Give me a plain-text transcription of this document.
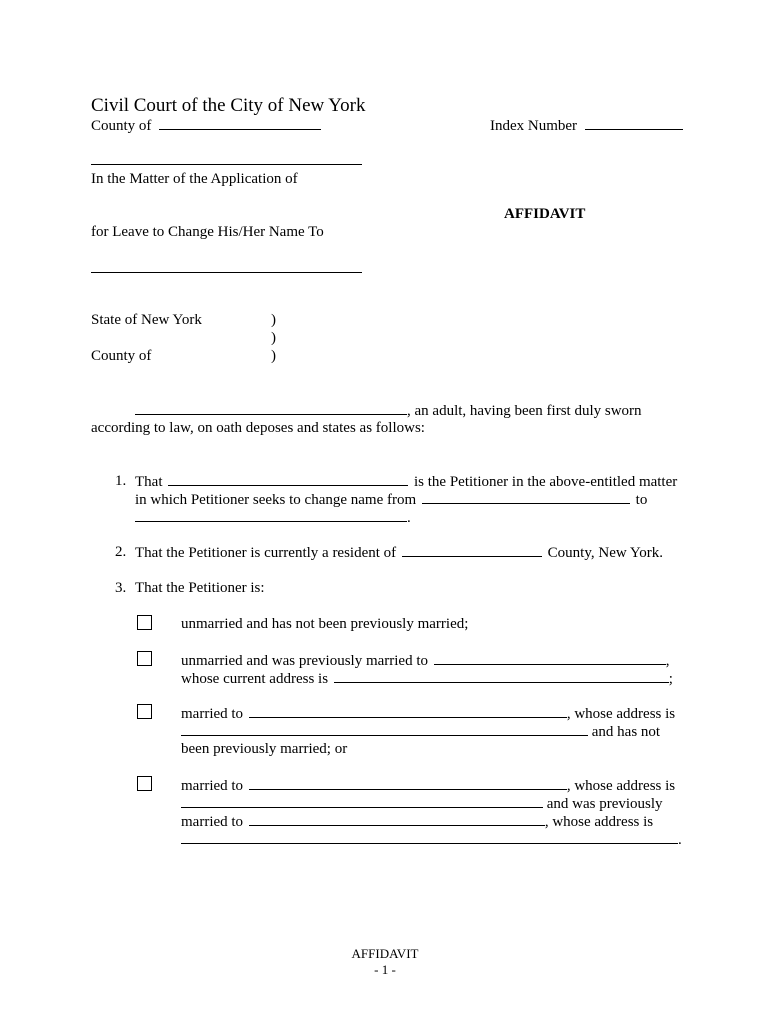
Civil Court of the City of New York
County of	Index Number
In the Matter of the Application of
AFFIDAVIT
for Leave to Change His/Her Name To
State of New York	)
)
County of	)
, an adult, having been first duly sworn
according to law, on oath deposes and states as follows:
1. That	is the Petitioner in the above-entitled matter
in which Petitioner seeks to change name from	to
.
2. That the Petitioner is currently a resident of	County, New York.
3. That the Petitioner is:
unmarried and has not been previously married;
unmarried and was previously married to	,
whose current address is	;
married to	, whose address is
and has not
been previously married; or
married to	, whose address is
and was previously
married to	, whose address is
.
AFFIDAVIT
- 1 -
